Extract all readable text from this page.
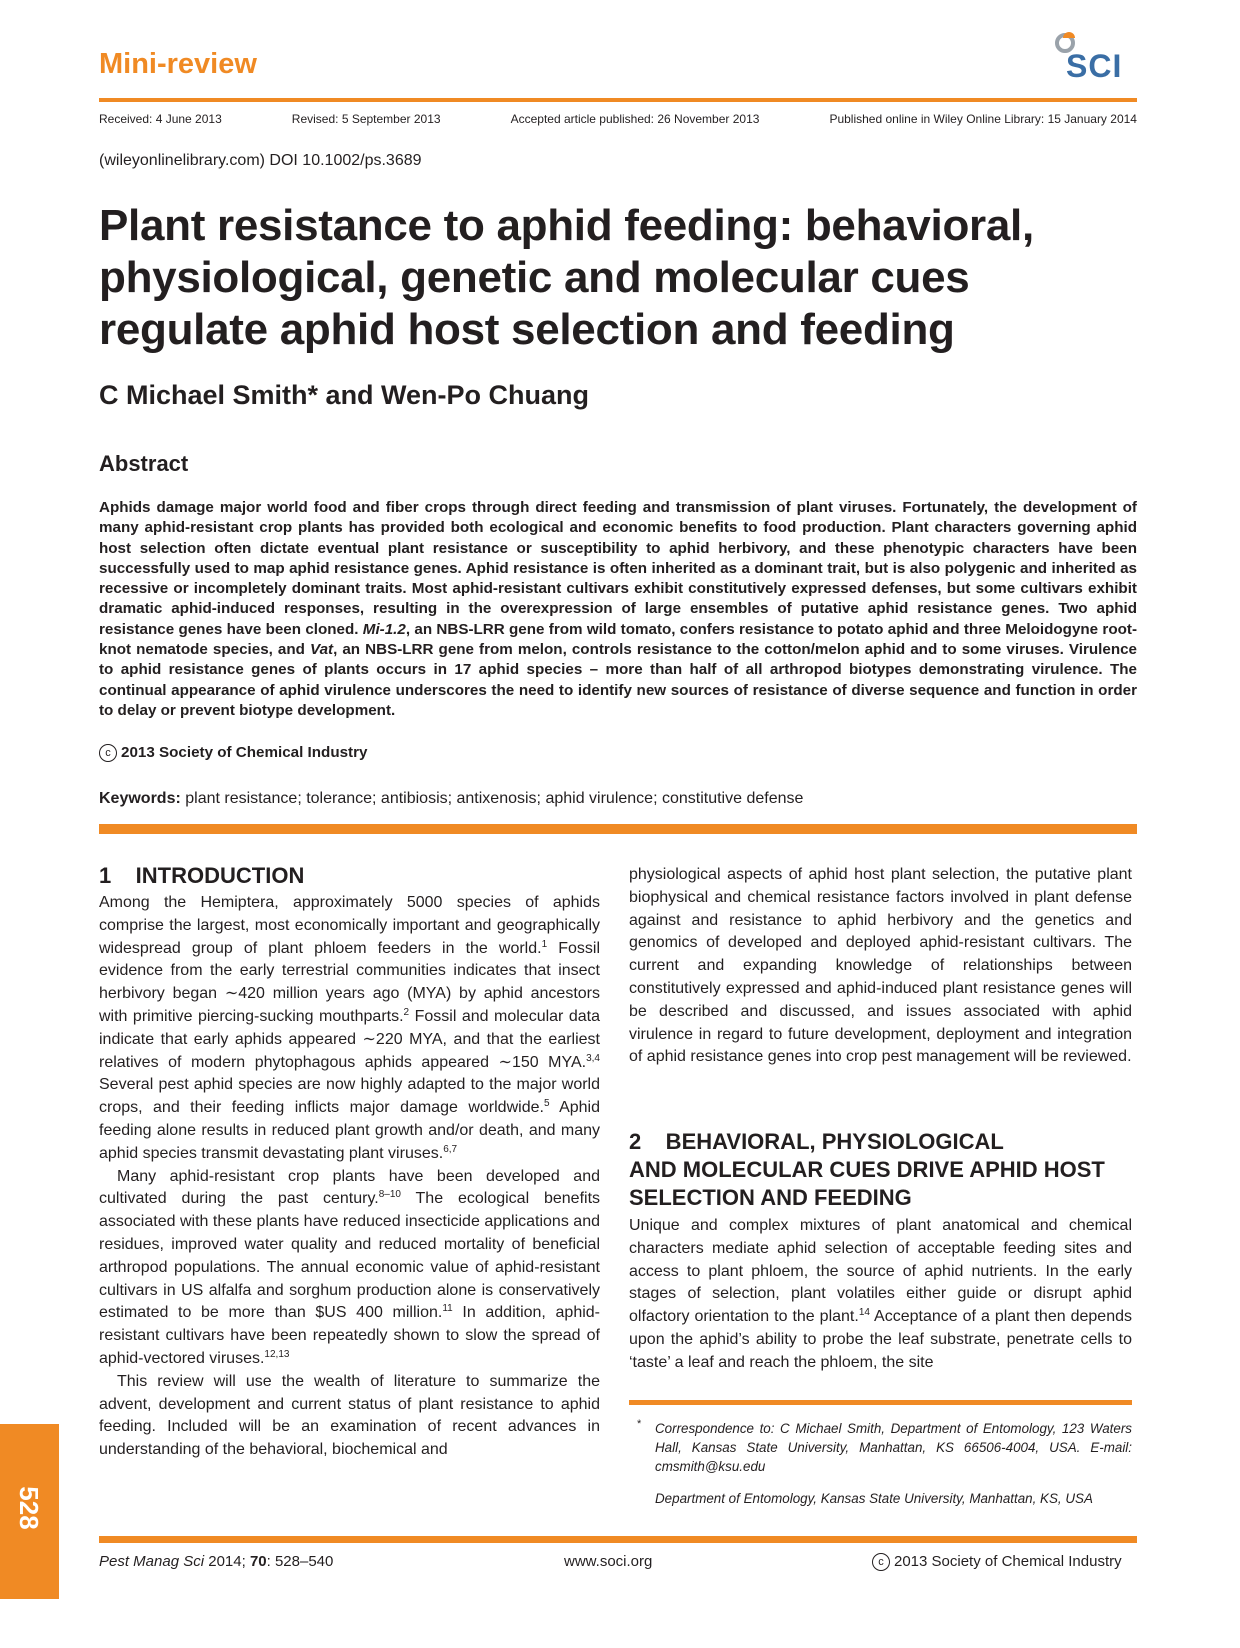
Mini-review	SCI
Received: 4 June 2013	Revised: 5 September 2013	Accepted article published: 26 November 2013	Published online in Wiley Online Library: 15 January 2014
(wileyonlinelibrary.com) DOI 10.1002/ps.3689
Plant resistance to aphid feeding: behavioral,
physiological, genetic and molecular cues
regulate aphid host selection and feeding
C Michael Smith* and Wen-Po Chuang
Abstract
Aphids damage major world food and fiber crops through direct feeding and transmission of plant viruses. Fortunately, the development of many aphid-resistant crop plants has provided both ecological and economic benefits to food production. Plant characters governing aphid host selection often dictate eventual plant resistance or susceptibility to aphid herbivory, and these phenotypic characters have been successfully used to map aphid resistance genes. Aphid resistance is often inherited as a dominant trait, but is also polygenic and inherited as recessive or incompletely dominant traits. Most aphid-resistant cultivars exhibit constitutively expressed defenses, but some cultivars exhibit dramatic aphid-induced responses, resulting in the overexpression of large ensembles of putative aphid resistance genes. Two aphid resistance genes have been cloned. Mi-1.2, an NBS-LRR gene from wild tomato, confers resistance to potato aphid and three Meloidogyne root-knot nematode species, and Vat, an NBS-LRR gene from melon, controls resistance to the cotton/melon aphid and to some viruses. Virulence to aphid resistance genes of plants occurs in 17 aphid species – more than half of all arthropod biotypes demonstrating virulence. The continual appearance of aphid virulence underscores the need to identify new sources of resistance of diverse sequence and function in order to delay or prevent biotype development.
c 2013 Society of Chemical Industry
Keywords: plant resistance; tolerance; antibiosis; antixenosis; aphid virulence; constitutive defense
1    INTRODUCTION

Among the Hemiptera, approximately 5000 species of aphids comprise the largest, most economically important and geographically widespread group of plant phloem feeders in the world.$^1$ Fossil evidence from the early terrestrial communities indicates that insect herbivory began ∼420 million years ago (MYA) by aphid ancestors with primitive piercing-sucking mouthparts.$^2$ Fossil and molecular data indicate that early aphids appeared ∼220 MYA, and that the earliest relatives of modern phytophagous aphids appeared ∼150 MYA.$^{3,4}$ Several pest aphid species are now highly adapted to the major world crops, and their feeding inflicts major damage worldwide.$^5$ Aphid feeding alone results in reduced plant growth and/or death, and many aphid species transmit devastating plant viruses.$^{6,7}$

Many aphid-resistant crop plants have been developed and cultivated during the past century.$^{8-10}$ The ecological benefits associated with these plants have reduced insecticide applications and residues, improved water quality and reduced mortality of beneficial arthropod populations. The annual economic value of aphid-resistant cultivars in US alfalfa and sorghum production alone is conservatively estimated to be more than $US 400 million.$^{11}$ In addition, aphid-resistant cultivars have been repeatedly shown to slow the spread of aphid-vectored viruses.$^{12,13}$

This review will use the wealth of literature to summarize the advent, development and current status of plant resistance to aphid feeding. Included will be an examination of recent advances in understanding of the behavioral, biochemical and

physiological aspects of aphid host plant selection, the putative plant biophysical and chemical resistance factors involved in plant defense against and resistance to aphid herbivory and the genetics and genomics of developed and deployed aphid-resistant cultivars. The current and expanding knowledge of relationships between constitutively expressed and aphid-induced plant resistance genes will be described and discussed, and issues associated with aphid virulence in regard to future development, deployment and integration of aphid resistance genes into crop pest management will be reviewed.

2    BEHAVIORAL, PHYSIOLOGICAL
AND MOLECULAR CUES DRIVE APHID HOST
SELECTION AND FEEDING

Unique and complex mixtures of plant anatomical and chemical characters mediate aphid selection of acceptable feeding sites and access to plant phloem, the source of aphid nutrients. In the early stages of selection, plant volatiles either guide or disrupt aphid olfactory orientation to the plant.$^{14}$ Acceptance of a plant then depends upon the aphid’s ability to probe the leaf substrate, penetrate cells to ‘taste’ a leaf and reach the phloem, the site

* Correspondence to: C Michael Smith, Department of Entomology, 123 Waters Hall, Kansas State University, Manhattan, KS 66506-4004, USA. E-mail: cmsmith@ksu.edu
Department of Entomology, Kansas State University, Manhattan, KS, USA
528
Pest Manag Sci 2014; 70: 528–540	www.soci.org	c 2013 Society of Chemical Industry
